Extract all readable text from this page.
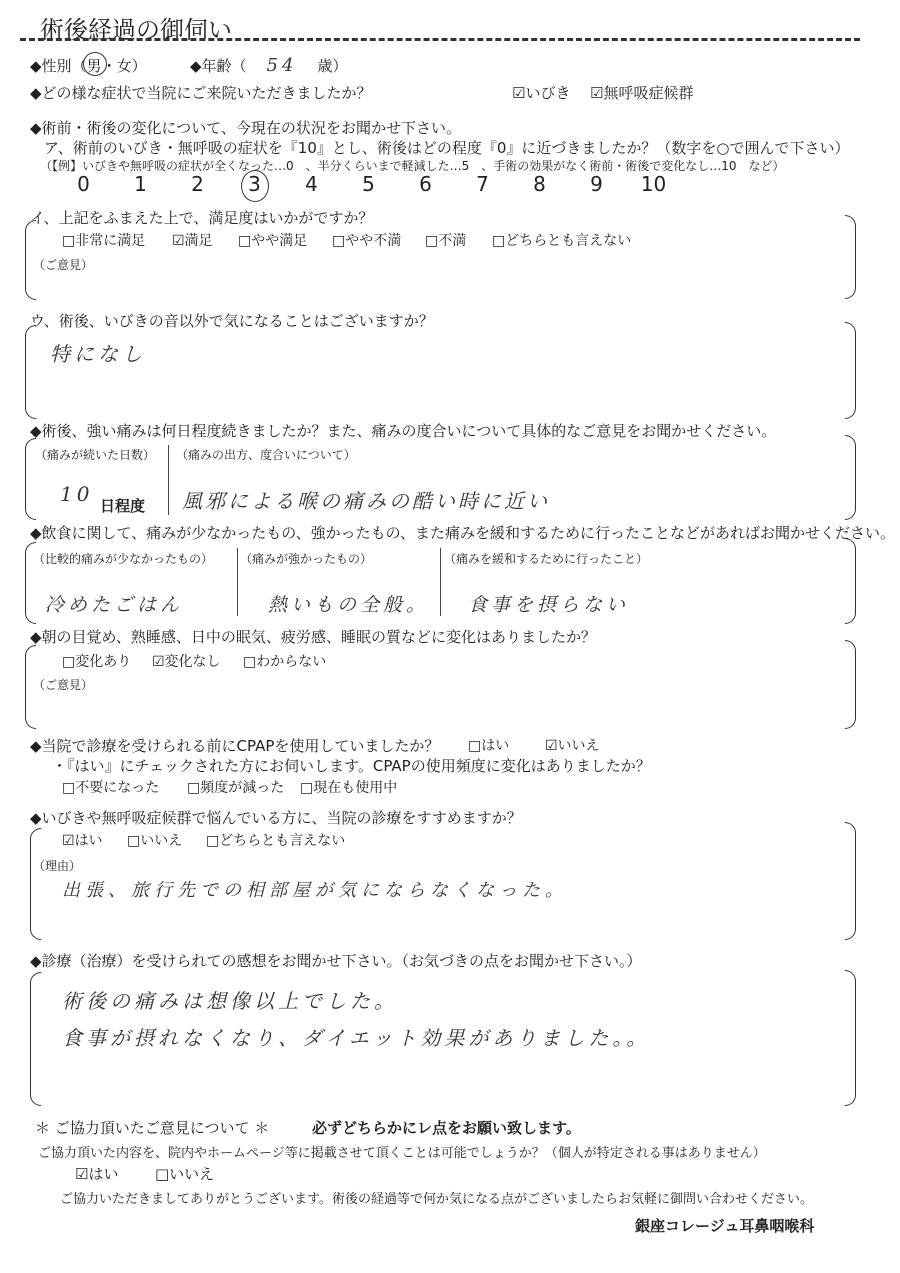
術後経過の御伺い
◆性別（男
・女）	◆年齢（ 54 歳）
◆どの様な症状で当院にご来院いただきましたか？	☑いびき ☑無呼吸症候群
◆術前・術後の変化について、今現在の状況をお聞かせ下さい。
ア、術前のいびき・無呼吸の症状を『10』とし、術後はどの程度『0』に近づきましたか？（数字を○で囲んで下さい）
（【例】いびきや無呼吸の症状が全くなった…0　、半分くらいまで軽減した…5　、手術の効果がなく術前・術後で変化なし…10　など）
0 1 2 3 4 5 6 7 8 9 10
イ、上記をふまえた上で、満足度はいかがですか？
□非常に満足 ☑満足 □やや満足 □やや不満 □不満 □どちらとも言えない
（ご意見）
ウ、術後、いびきの音以外で気になることはございますか？
特になし
◆術後、強い痛みは何日程度続きましたか？また、痛みの度合いについて具体的なご意見をお聞かせください。
（痛みが続いた日数） （痛みの出方、度合いについて）
10 日程度 風邪による喉の痛みの酷い時に近い
◆飲食に関して、痛みが少なかったもの、強かったもの、また痛みを緩和するために行ったことなどがあればお聞かせください。
（比較的痛みが少なかったもの） （痛みが強かったもの）	（痛みを緩和するために行ったこと）
冷めたごはん	熱いもの全般。 食事を摂らない
◆朝の目覚め、熟睡感、日中の眠気、疲労感、睡眠の質などに変化はありましたか？
□変化あり ☑変化なし □わからない
（ご意見）
◆当院で診療を受けられる前にCPAPを使用していましたか？ □はい	☑いいえ
・『はい』にチェックされた方にお伺いします。CPAPの使用頻度に変化はありましたか？
□不要になった □頻度が減った □現在も使用中
◆いびきや無呼吸症候群で悩んでいる方に、当院の診療をすすめますか？
☑はい □いいえ □どちらとも言えない
（理由）
出張、旅行先での相部屋が気にならなくなった。
◆診療（治療）を受けられての感想をお聞かせ下さい。（お気づきの点をお聞かせ下さい。）
術後の痛みは想像以上でした。
食事が摂れなくなり、ダイエット効果がありました。。
＊ ご協力頂いたご意見について ＊	必ずどちらかにレ点をお願い致します。
ご協力頂いた内容を、院内やホームページ等に掲載させて頂くことは可能でしょうか？（個人が特定される事はありません）
☑はい □いいえ
ご協力いただきましてありがとうございます。術後の経過等で何か気になる点がございましたらお気軽に御問い合わせください。
銀座コレージュ耳鼻咽喉科
